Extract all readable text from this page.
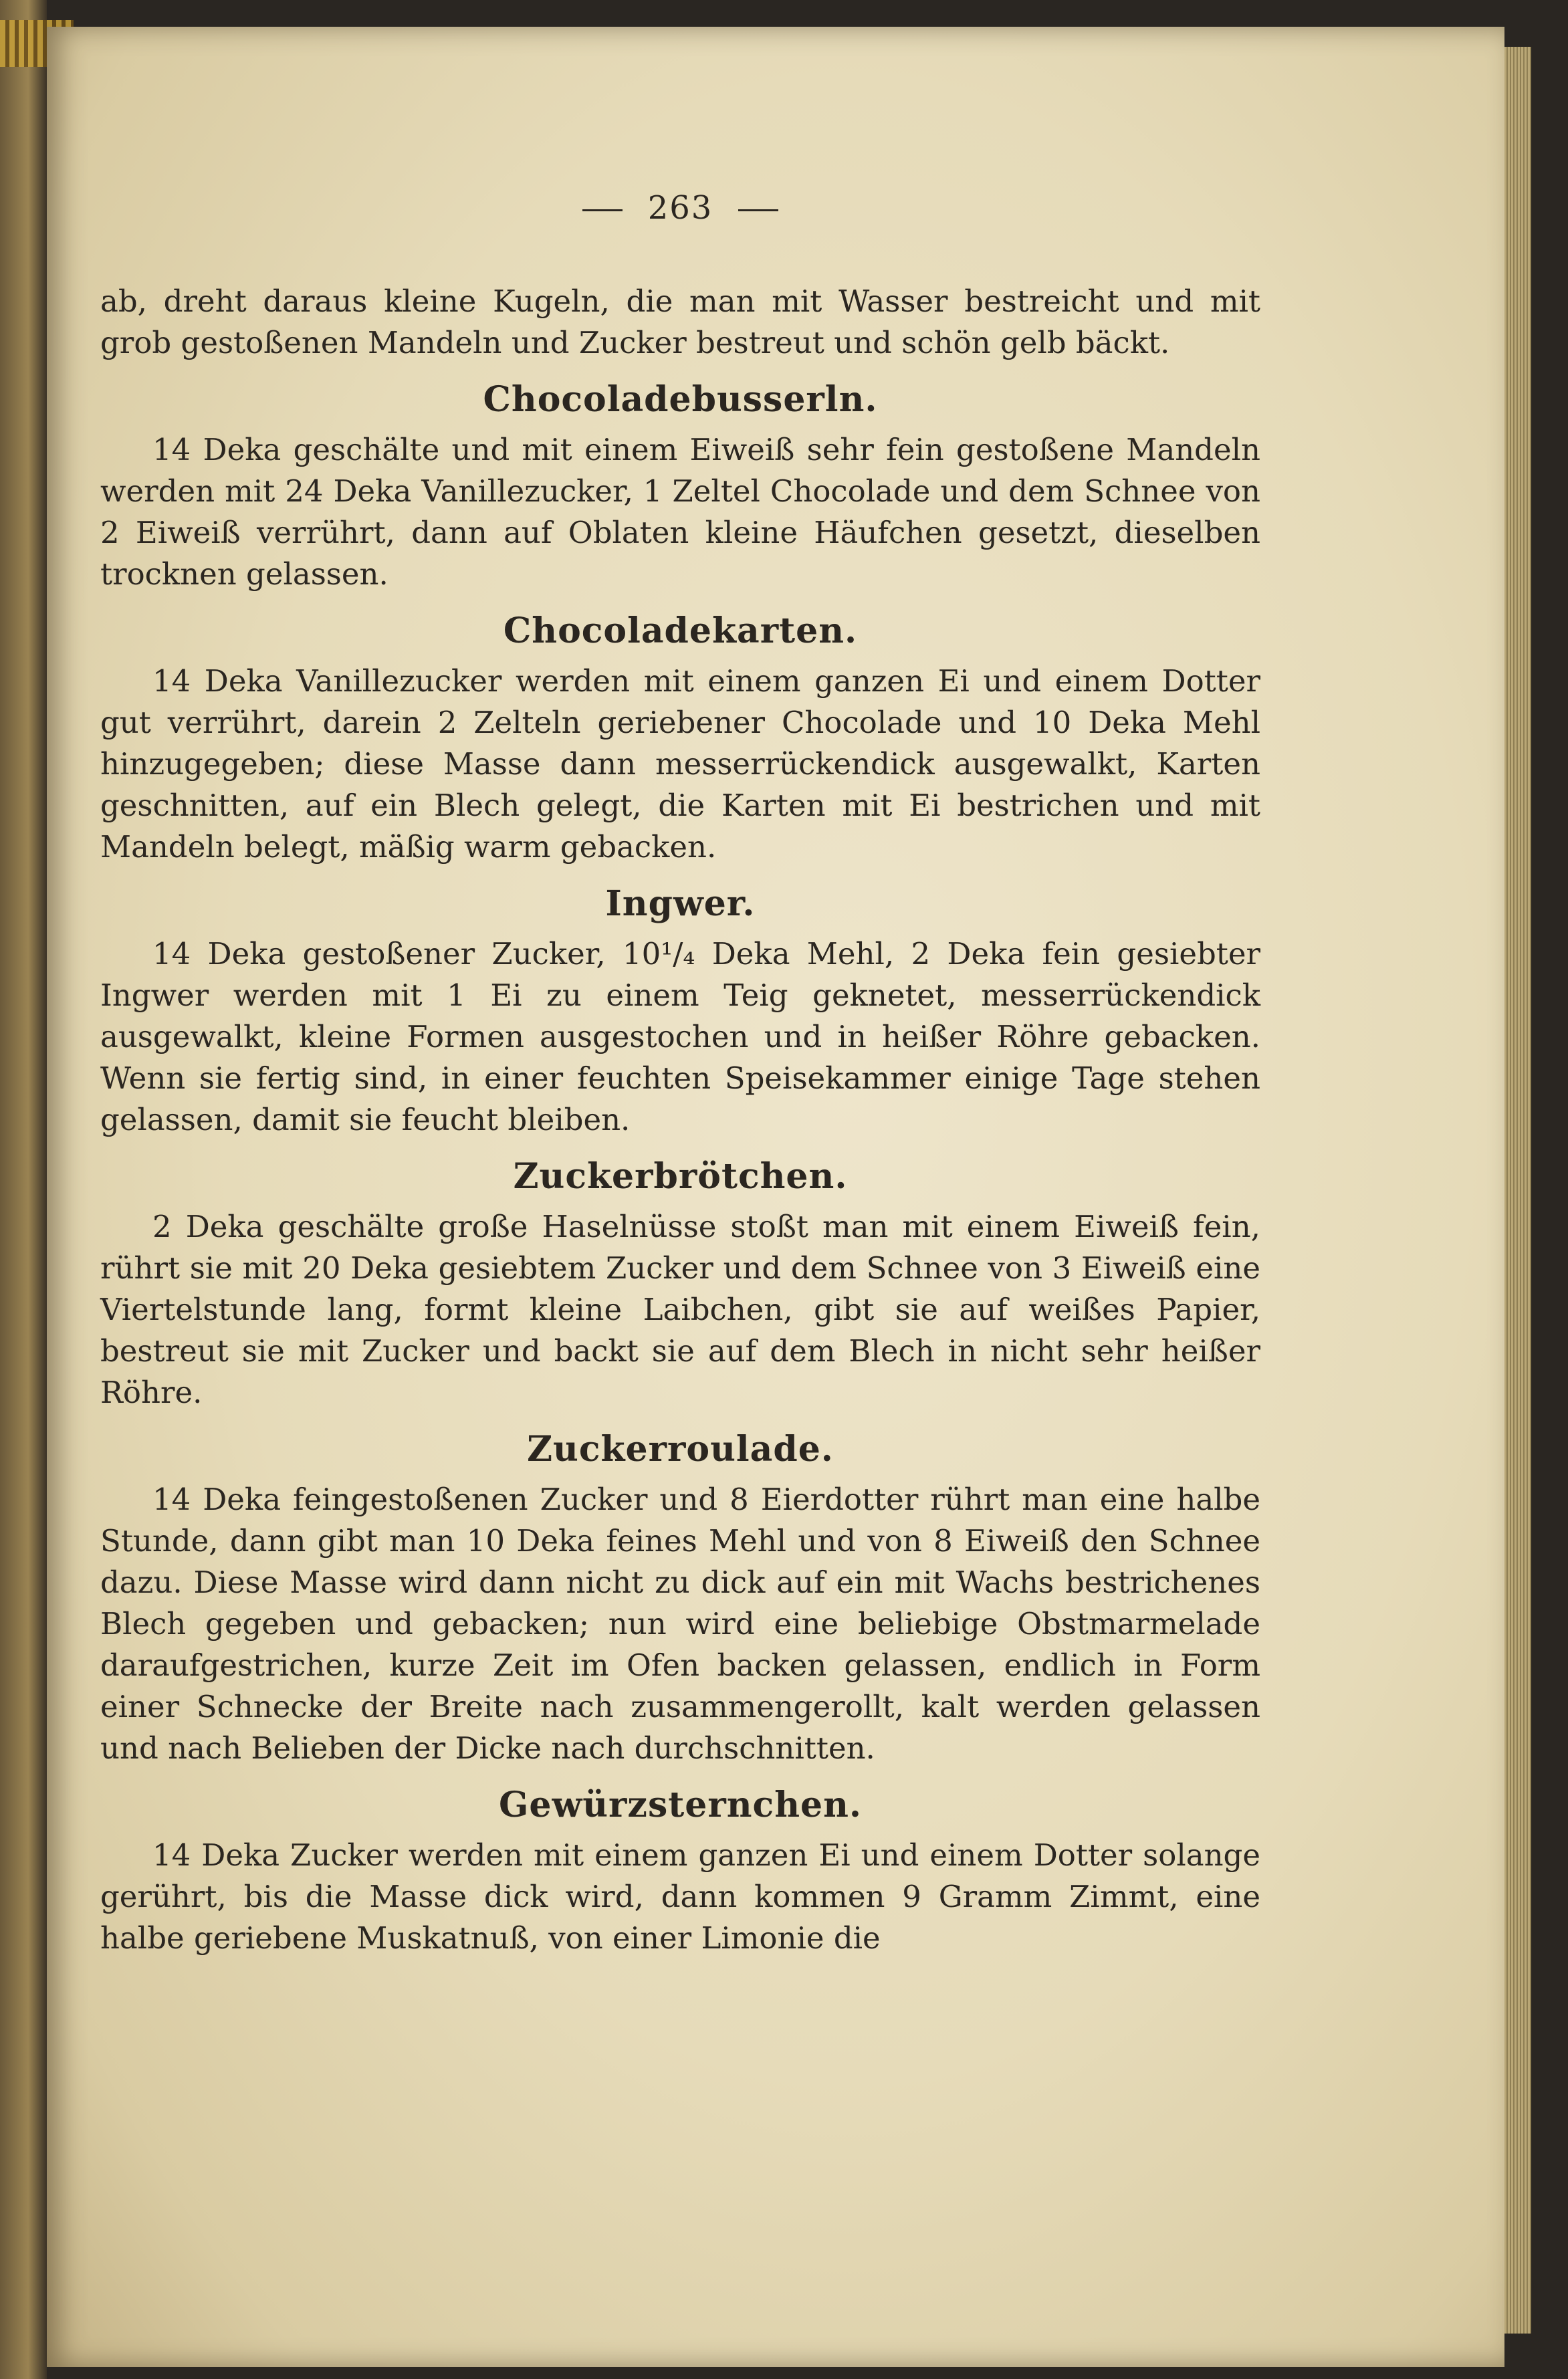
263

ab, dreht daraus kleine Kugeln, die man mit Wasser bestreicht und mit grob gestoßenen Mandeln und Zucker bestreut und schön gelb bäckt.

Chocoladebusserln.

14 Deka geschälte und mit einem Eiweiß sehr fein gestoßene Mandeln werden mit 24 Deka Vanillezucker, 1 Zeltel Chocolade und dem Schnee von 2 Eiweiß verrührt, dann auf Oblaten kleine Häufchen gesetzt, dieselben trocknen gelassen.

Chocoladekarten.

14 Deka Vanillezucker werden mit einem ganzen Ei und einem Dotter gut verrührt, darein 2 Zelteln geriebener Chocolade und 10 Deka Mehl hinzugegeben; diese Masse dann messerrückendick ausgewalkt, Karten geschnitten, auf ein Blech gelegt, die Karten mit Ei bestrichen und mit Mandeln belegt, mäßig warm gebacken.

Ingwer.

14 Deka gestoßener Zucker, 10¹/₄ Deka Mehl, 2 Deka fein gesiebter Ingwer werden mit 1 Ei zu einem Teig geknetet, messerrückendick ausgewalkt, kleine Formen ausgestochen und in heißer Röhre gebacken. Wenn sie fertig sind, in einer feuchten Speisekammer einige Tage stehen gelassen, damit sie feucht bleiben.

Zuckerbrötchen.

2 Deka geschälte große Haselnüsse stoßt man mit einem Eiweiß fein, rührt sie mit 20 Deka gesiebtem Zucker und dem Schnee von 3 Eiweiß eine Viertelstunde lang, formt kleine Laibchen, gibt sie auf weißes Papier, bestreut sie mit Zucker und backt sie auf dem Blech in nicht sehr heißer Röhre.

Zuckerroulade.

14 Deka feingestoßenen Zucker und 8 Eierdotter rührt man eine halbe Stunde, dann gibt man 10 Deka feines Mehl und von 8 Eiweiß den Schnee dazu. Diese Masse wird dann nicht zu dick auf ein mit Wachs bestrichenes Blech gegeben und gebacken; nun wird eine beliebige Obstmarmelade daraufgestrichen, kurze Zeit im Ofen backen gelassen, endlich in Form einer Schnecke der Breite nach zusammengerollt, kalt werden gelassen und nach Belieben der Dicke nach durchschnitten.

Gewürzsternchen.

14 Deka Zucker werden mit einem ganzen Ei und einem Dotter solange gerührt, bis die Masse dick wird, dann kommen 9 Gramm Zimmt, eine halbe geriebene Muskatnuß, von einer Limonie die
